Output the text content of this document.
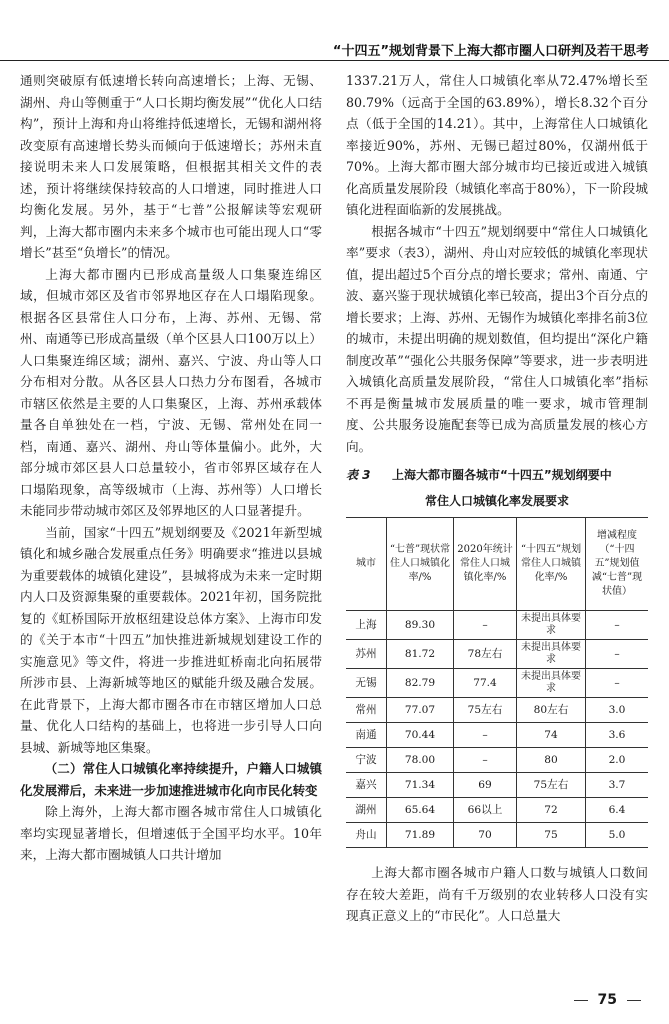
“十四五”规划背景下上海大都市圈人口研判及若干思考

通则突破原有低速增长转向高速增长；上海、无锡、湖州、舟山等侧重于“人口长期均衡发展”“优化人口结构”，预计上海和舟山将维持低速增长，无锡和湖州将改变原有高速增长势头而倾向于低速增长；苏州未直接说明未来人口发展策略，但根据其相关文件的表述，预计将继续保持较高的人口增速，同时推进人口均衡化发展。另外，基于“七普”公报解读等宏观研判，上海大都市圈内未来多个城市也可能出现人口“零增长”甚至“负增长”的情况。

上海大都市圈内已形成高量级人口集聚连绵区域，但城市郊区及省市邻界地区存在人口塌陷现象。根据各区县常住人口分布，上海、苏州、无锡、常州、南通等已形成高量级（单个区县人口100万以上）人口集聚连绵区域；湖州、嘉兴、宁波、舟山等人口分布相对分散。从各区县人口热力分布图看，各城市市辖区依然是主要的人口集聚区，上海、苏州承载体量各自单独处在一档，宁波、无锡、常州处在同一档，南通、嘉兴、湖州、舟山等体量偏小。此外，大部分城市郊区县人口总量较小，省市邻界区域存在人口塌陷现象，高等级城市（上海、苏州等）人口增长未能同步带动城市郊区及邻界地区的人口显著提升。

当前，国家“十四五”规划纲要及《2021年新型城镇化和城乡融合发展重点任务》明确要求“推进以县城为重要载体的城镇化建设”，县城将成为未来一定时期内人口及资源集聚的重要载体。2021年初，国务院批复的《虹桥国际开放枢纽建设总体方案》、上海市印发的《关于本市“十四五”加快推进新城规划建设工作的实施意见》等文件，将进一步推进虹桥南北向拓展带所涉市县、上海新城等地区的赋能升级及融合发展。在此背景下，上海大都市圈各市在市辖区增加人口总量、优化人口结构的基础上，也将进一步引导人口向县城、新城等地区集聚。

（二）常住人口城镇化率持续提升，户籍人口城镇化发展滞后，未来进一步加速推进城市化向市民化转变

除上海外，上海大都市圈各城市常住人口城镇化率均实现显著增长，但增速低于全国平均水平。10年来，上海大都市圈城镇人口共计增加

1337.21万人，常住人口城镇化率从72.47%增长至80.79%（远高于全国的63.89%），增长8.32个百分点（低于全国的14.21）。其中，上海常住人口城镇化率接近90%，苏州、无锡已超过80%，仅湖州低于70%。上海大都市圈大部分城市均已接近或进入城镇化高质量发展阶段（城镇化率高于80%），下一阶段城镇化进程面临新的发展挑战。

根据各城市“十四五”规划纲要中“常住人口城镇化率”要求（表3），湖州、舟山对应较低的城镇化率现状值，提出超过5个百分点的增长要求；常州、南通、宁波、嘉兴鉴于现状城镇化率已较高，提出3个百分点的增长要求；上海、苏州、无锡作为城镇化率排名前3位的城市，未提出明确的规划数值，但均提出“深化户籍制度改革”“强化公共服务保障”等要求，进一步表明进入城镇化高质量发展阶段，“常住人口城镇化率”指标不再是衡量城市发展质量的唯一要求，城市管理制度、公共服务设施配套等已成为高质量发展的核心方向。

表 3	上海大都市圈各城市“十四五”规划纲要中
常住人口城镇化率发展要求
城市	“七普”现状常住人口城镇化率/%	2020年统计常住人口城镇化率/%	“十四五”规划常住人口城镇化率/%	增减程度（“十四五”规划值减“七普”现状值）
上海	89.30	–	未提出具体要求	–
苏州	81.72	78左右	未提出具体要求	–
无锡	82.79	77.4	未提出具体要求	–
常州	77.07	75左右	80左右	3.0
南通	70.44	–	74	3.6
宁波	78.00	–	80	2.0
嘉兴	71.34	69	75左右	3.7
湖州	65.64	66以上	72	6.4
舟山	71.89	70	75	5.0

上海大都市圈各城市户籍人口数与城镇人口数间存在较大差距，尚有千万级别的农业转移人口没有实现真正意义上的“市民化”。人口总量大

75
